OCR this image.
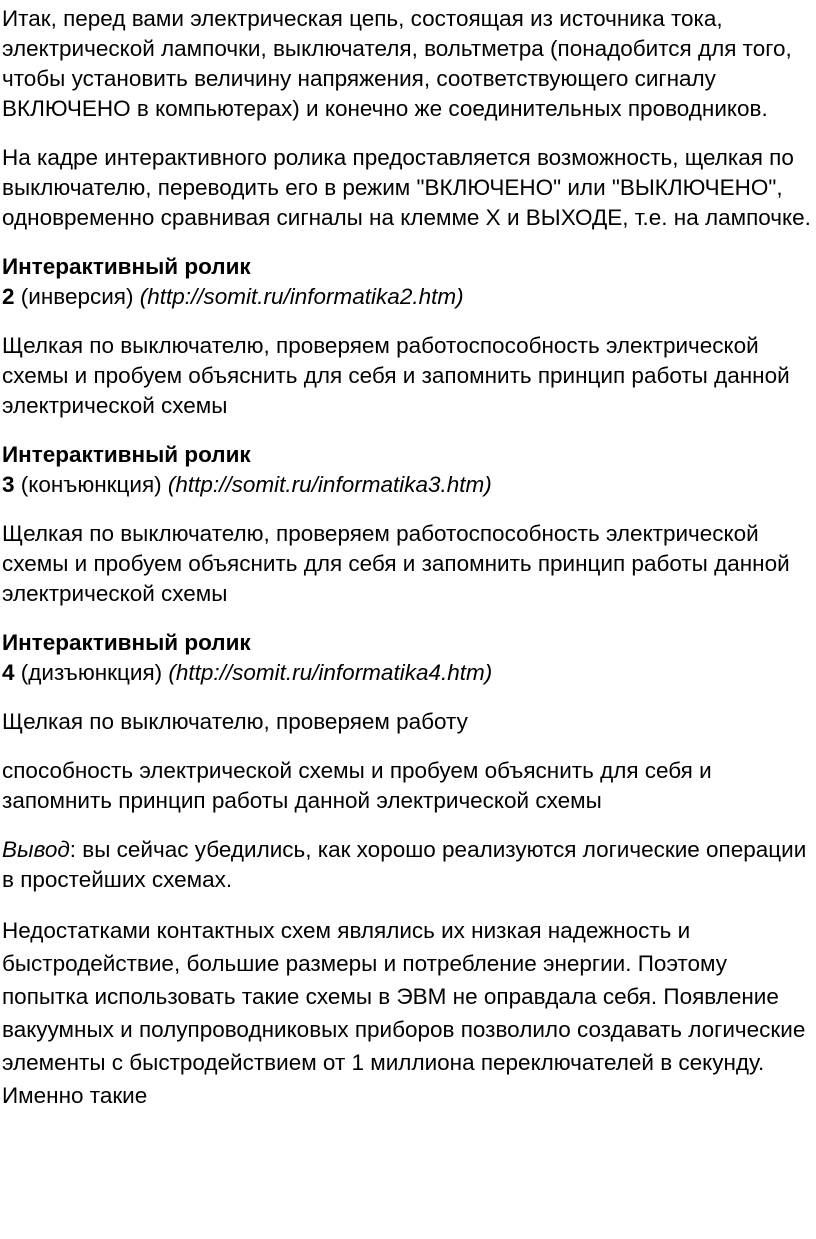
Итак, перед вами электрическая цепь, состоящая из источника тока, электрической лампочки, выключателя, вольтметра (понадобится для того, чтобы установить величину напряжения, соответствующего сигналу ВКЛЮЧЕНО в компьютерах) и конечно же соединительных проводников.

На кадре интерактивного ролика предоставляется возможность, щелкая по выключателю, переводить его в режим "ВКЛЮЧЕНО" или "ВЫКЛЮЧЕНО", одновременно сравнивая сигналы на клемме Х и ВЫХОДЕ, т.е. на лампочке.

Интерактивный ролик
2 (инверсия) (http://somit.ru/informatika2.htm)

Щелкая по выключателю, проверяем работоспособность электрической схемы и пробуем объяснить для себя и запомнить принцип работы данной электрической схемы

Интерактивный ролик
3 (конъюнкция) (http://somit.ru/informatika3.htm)

Щелкая по выключателю, проверяем работоспособность электрической схемы и пробуем объяснить для себя и запомнить принцип работы данной электрической схемы

Интерактивный ролик
4 (дизъюнкция) (http://somit.ru/informatika4.htm)

Щелкая по выключателю, проверяем работу

способность электрической схемы и пробуем объяснить для себя и запомнить принцип работы данной электрической схемы

Вывод: вы сейчас убедились, как хорошо реализуются логические операции в простейших схемах.

Недостатками контактных схем являлись их низкая надежность и быстродействие, большие размеры и потребление энергии. Поэтому попытка использовать такие схемы в ЭВМ не оправдала себя. Появление вакуумных и полупроводниковых приборов позволило создавать логические элементы с быстродействием от 1 миллиона переключателей в секунду. Именно такие
